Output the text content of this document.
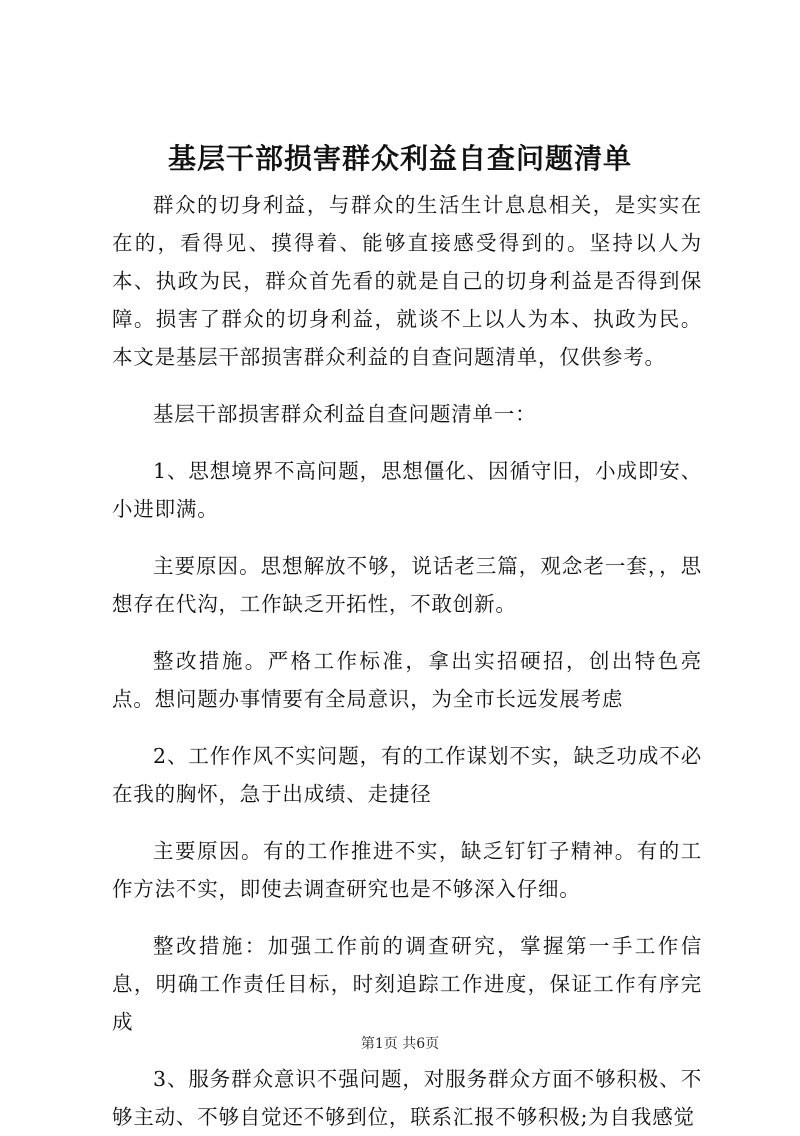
基层干部损害群众利益自查问题清单

群众的切身利益，与群众的生活生计息息相关，是实实在在的，看得见、摸得着、能够直接感受得到的。坚持以人为本、执政为民，群众首先看的就是自己的切身利益是否得到保障。损害了群众的切身利益，就谈不上以人为本、执政为民。本文是基层干部损害群众利益的自查问题清单，仅供参考。

基层干部损害群众利益自查问题清单一：

1、思想境界不高问题，思想僵化、因循守旧，小成即安、小进即满。

主要原因。思想解放不够，说话老三篇，观念老一套，，思想存在代沟，工作缺乏开拓性，不敢创新。

整改措施。严格工作标准，拿出实招硬招，创出特色亮点。想问题办事情要有全局意识，为全市长远发展考虑

2、工作作风不实问题，有的工作谋划不实，缺乏功成不必在我的胸怀，急于出成绩、走捷径

主要原因。有的工作推进不实，缺乏钉钉子精神。有的工作方法不实，即使去调查研究也是不够深入仔细。

整改措施：加强工作前的调查研究，掌握第一手工作信息，明确工作责任目标，时刻追踪工作进度，保证工作有序完成

3、服务群众意识不强问题，对服务群众方面不够积极、不够主动、不够自觉还不够到位，联系汇报不够积极;为自我感觉

第1页 共6页
